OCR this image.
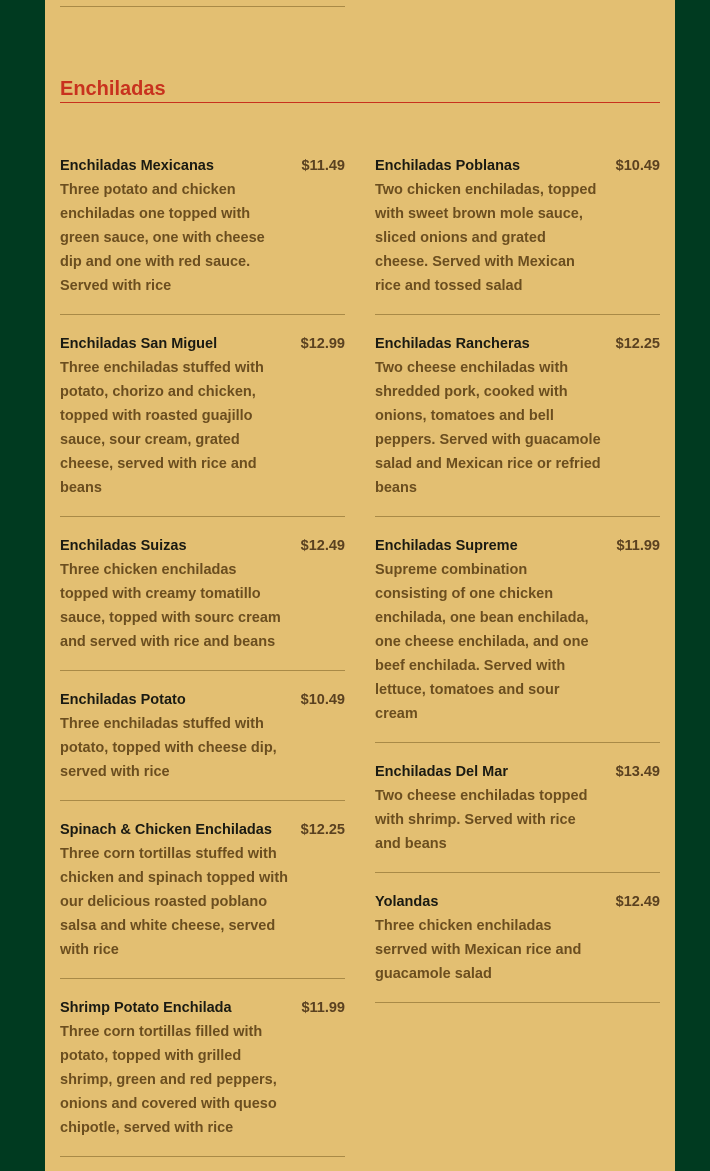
Enchiladas
Enchiladas Mexicanas	$11.49
Three potato and chicken enchiladas one topped with green sauce, one with cheese dip and one with red sauce. Served with rice
Enchiladas San Miguel	$12.99
Three enchiladas stuffed with potato, chorizo and chicken, topped with roasted guajillo sauce, sour cream, grated cheese, served with rice and beans
Enchiladas Suizas	$12.49
Three chicken enchiladas topped with creamy tomatillo sauce, topped with sourc cream and served with rice and beans
Enchiladas Potato	$10.49
Three enchiladas stuffed with potato, topped with cheese dip, served with rice
Spinach & Chicken Enchiladas $12.25
Three corn tortillas stuffed with chicken and spinach topped with our delicious roasted poblano salsa and white cheese, served with rice
Shrimp Potato Enchilada	$11.99
Three corn tortillas filled with potato, topped with grilled shrimp, green and red peppers, onions and covered with queso chipotle, served with rice
Enchiladas Poblanas	$10.49
Two chicken enchiladas, topped with sweet brown mole sauce, sliced onions and grated cheese. Served with Mexican rice and tossed salad
Enchiladas Rancheras	$12.25
Two cheese enchiladas with shredded pork, cooked with onions, tomatoes and bell peppers. Served with guacamole salad and Mexican rice or refried beans
Enchiladas Supreme	$11.99
Supreme combination consisting of one chicken enchilada, one bean enchilada, one cheese enchilada, and one beef enchilada. Served with lettuce, tomatoes and sour cream
Enchiladas Del Mar	$13.49
Two cheese enchiladas topped with shrimp. Served with rice and beans
Yolandas	$12.49
Three chicken enchiladas serrved with Mexican rice and guacamole salad
